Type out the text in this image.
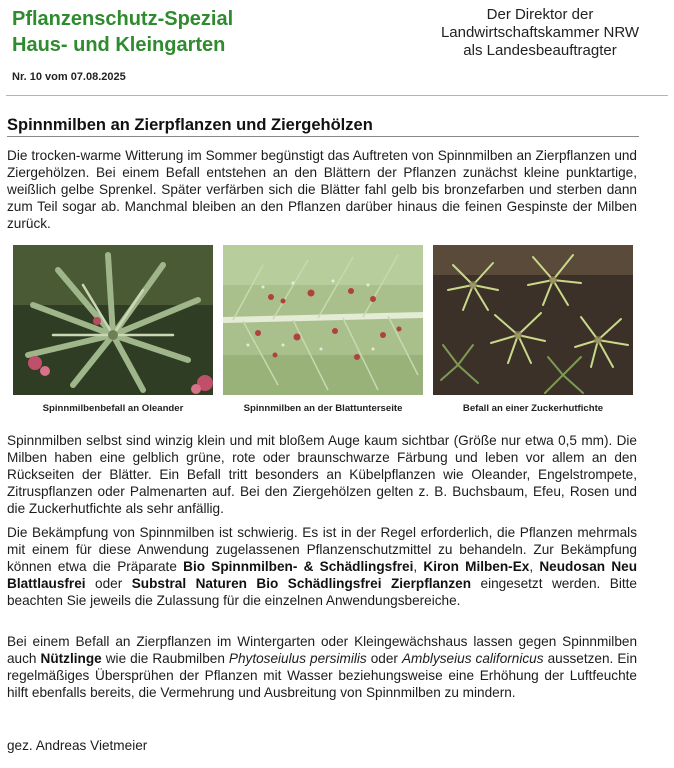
Pflanzenschutz-Spezial
Haus- und Kleingarten
Nr. 10 vom 07.08.2025
Der Direktor der
Landwirtschaftskammer NRW
als Landesbeauftragter
Spinnmilben an Zierpflanzen und Ziergehölzen
Die trocken-warme Witterung im Sommer begünstigt das Auftreten von Spinnmilben an Zierpflanzen und Ziergehölzen. Bei einem Befall entstehen an den Blättern der Pflanzen zunächst kleine punktartige, weißlich gelbe Sprenkel. Später verfärben sich die Blätter fahl gelb bis bronzefarben und sterben dann zum Teil sogar ab. Manchmal bleiben an den Pflanzen darüber hinaus die feinen Gespinste der Milben zurück.
Spinnmilbenbefall an Oleander	Spinnmilben an der Blattunterseite	Befall an einer Zuckerhutfichte
Spinnmilben selbst sind winzig klein und mit bloßem Auge kaum sichtbar (Größe nur etwa 0,5 mm). Die Milben haben eine gelblich grüne, rote oder braunschwarze Färbung und leben vor allem an den Rückseiten der Blätter. Ein Befall tritt besonders an Kübelpflanzen wie Oleander, Engelstrompete, Zitruspflanzen oder Palmenarten auf. Bei den Ziergehölzen gelten z. B. Buchsbaum, Efeu, Rosen und die Zuckerhutfichte als sehr anfällig.
Die Bekämpfung von Spinnmilben ist schwierig. Es ist in der Regel erforderlich, die Pflanzen mehrmals mit einem für diese Anwendung zugelassenen Pflanzenschutzmittel zu behandeln. Zur Bekämpfung können etwa die Präparate Bio Spinnmilben- & Schädlingsfrei, Kiron Milben-Ex, Neudosan Neu Blattlausfrei oder Substral Naturen Bio Schädlingsfrei Zierpflanzen eingesetzt werden. Bitte beachten Sie jeweils die Zulassung für die einzelnen Anwendungsbereiche.
Bei einem Befall an Zierpflanzen im Wintergarten oder Kleingewächshaus lassen gegen Spinnmilben auch Nützlinge wie die Raubmilben Phytoseiulus persimilis oder Amblyseius californicus aussetzen. Ein regelmäßiges Übersprühen der Pflanzen mit Wasser beziehungsweise eine Erhöhung der Luftfeuchte hilft ebenfalls bereits, die Vermehrung und Ausbreitung von Spinnmilben zu mindern.
gez. Andreas Vietmeier
